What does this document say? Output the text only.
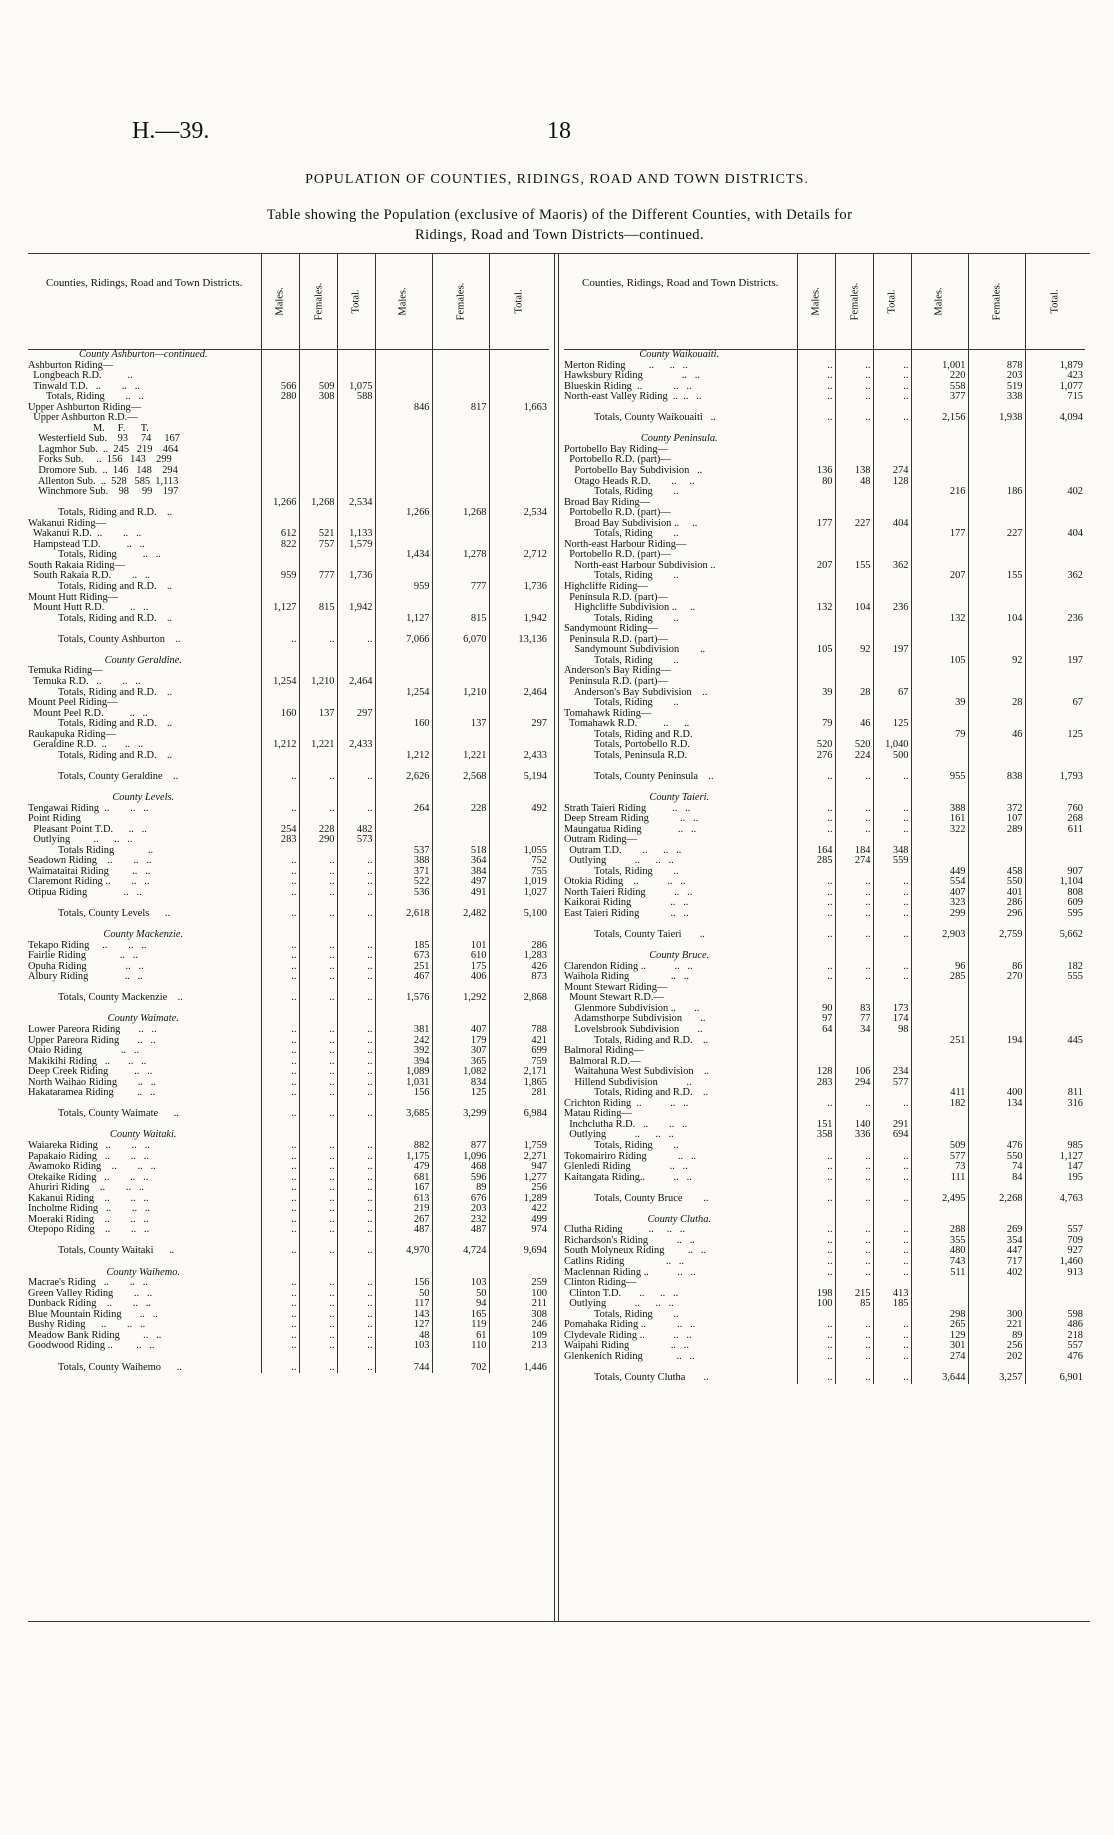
H.—39.	18
POPULATION OF COUNTIES, RIDINGS, ROAD AND TOWN DISTRICTS.
Table showing the Population (exclusive of Maoris) of the Different Counties, with Details for
Ridings, Road and Town Districts—continued.
Counties, Ridings, Road and Town Districts.	Males.	Females.	Total.	Males.	Females.	Total.
County Ashburton—continued.						
Ashburton Riding—						
Longbeach R.D.          ..						
Tinwald T.D.   ..        ..   ..	566	509	1,075			
Totals, Riding        ..   ..	280	308	588			
Upper Ashburton Riding—				846	817	1,663
Upper Ashburton R.D.—						
M.     F.      T.						
Westerfield Sub.    93     74     167						
Lagmhor Sub.  ..  245   219    464						
Forks Sub.     ..  156   143    299						
Dromore Sub.  ..  146   148    294						
Allenton Sub.  ..  528   585  1,113						
Winchmore Sub.    98     99    197						
	1,266	1,268	2,534			
Totals, Riding and R.D.    ..				1,266	1,268	2,534
Wakanui Riding—						
Wakanui R.D.  ..        ..   ..	612	521	1,133			
Hampstead T.D.          ..   ..	822	757	1,579			
Totals, Riding          ..   ..				1,434	1,278	2,712
South Rakaia Riding—						
South Rakaia R.D.        ..   ..	959	777	1,736			
Totals, Riding and R.D.    ..				959	777	1,736
Mount Hutt Riding—						
Mount Hutt R.D.          ..   ..	1,127	815	1,942			
Totals, Riding and R.D.    ..				1,127	815	1,942

Totals, County Ashburton    ..	..	..	..	7,066	6,070	13,136

County Geraldine.						
Temuka Riding—						
Temuka R.D.   ..        ..   ..	1,254	1,210	2,464			
Totals, Riding and R.D.    ..				1,254	1,210	2,464
Mount Peel Riding—						
Mount Peel R.D.          ..   ..	160	137	297			
Totals, Riding and R.D.    ..				160	137	297
Raukapuka Riding—						
Geraldine R.D.  ..       ..   ..	1,212	1,221	2,433			
Totals, Riding and R.D.    ..				1,212	1,221	2,433

Totals, County Geraldine    ..	..	..	..	2,626	2,568	5,194

County Levels.						
Tengawai Riding  ..        ..   ..	..	..	..	264	228	492
Point Riding						
Pleasant Point T.D.      ..   ..	254	228	482			
Outlying         ..      ..   ..	283	290	573			
Totals Riding             ..				537	518	1,055
Seadown Riding    ..        ..   ..	..	..	..	388	364	752
Waimataitai Riding         ..   ..	..	..	..	371	384	755
Claremont Riding ..        ..   ..	..	..	..	522	497	1,019
Otipua Riding              ..   ..	..	..	..	536	491	1,027

Totals, County Levels      ..	..	..	..	2,618	2,482	5,100

County Mackenzie.						
Tekapo Riding     ..        ..   ..	..	..	..	185	101	286
Fairlie Riding             ..   ..	..	..	..	673	610	1,283
Opuha Riding               ..   ..	..	..	..	251	175	426
Albury Riding              ..   ..	..	..	..	467	406	873

Totals, County Mackenzie    ..	..	..	..	1,576	1,292	2,868

County Waimate.						
Lower Pareora Riding       ..   ..	..	..	..	381	407	788
Upper Pareora Riding       ..   ..	..	..	..	242	179	421
Otaio Riding               ..   ..	..	..	..	392	307	699
Makikihi Riding   ..       ..   ..	..	..	..	394	365	759
Deep Creek Riding          ..   ..	..	..	..	1,089	1,082	2,171
North Waihao Riding        ..   ..	..	..	..	1,031	834	1,865
Hakataramea Riding         ..   ..	..	..	..	156	125	281

Totals, County Waimate      ..	..	..	..	3,685	3,299	6,984

County Waitaki.						
Waiareka Riding   ..        ..   ..	..	..	..	882	877	1,759
Papakaio Riding   ..        ..   ..	..	..	..	1,175	1,096	2,271
Awamoko Riding    ..        ..   ..	..	..	..	479	468	947
Otekaike Riding   ..        ..   ..	..	..	..	681	596	1,277
Ahuriri Riding    ..        ..   ..	..	..	..	167	89	256
Kakanui Riding    ..        ..   ..	..	..	..	613	676	1,289
Incholme Riding   ..        ..   ..	..	..	..	219	203	422
Moeraki Riding    ..        ..   ..	..	..	..	267	232	499
Otepopo Riding    ..        ..   ..	..	..	..	487	487	974

Totals, County Waitaki      ..	..	..	..	4,970	4,724	9,694

County Waihemo.						
Macrae's Riding   ..        ..   ..	..	..	..	156	103	259
Green Valley Riding        ..   ..	..	..	..	50	50	100
Dunback Riding    ..        ..   ..	..	..	..	117	94	211
Blue Mountain Riding       ..   ..	..	..	..	143	165	308
Bushy Riding      ..        ..   ..	..	..	..	127	119	246
Meadow Bank Riding         ..   ..	..	..	..	48	61	109
Goodwood Riding ..         ..   ..	..	..	..	103	110	213

Totals, County Waihemo      ..	..	..	..	744	702	1,446
Counties, Ridings, Road and Town Districts.	Males.	Females.	Total.	Males.	Females.	Total.
County Waikouaiti.						
Merton Riding         ..      ..   ..	..	..	..	1,001	878	1,879
Hawksbury Riding               ..   ..	..	..	..	220	203	423
Blueskin Riding  ..            ..   ..	..	..	..	558	519	1,077
North-east Valley Riding  ..  ..   ..	..	..	..	377	338	715

Totals, County Waikouaiti   ..	..	..	..	2,156	1,938	4,094

County Peninsula.						
Portobello Bay Riding—						
Portobello R.D. (part)—						
Portobello Bay Subdivision   ..	136	138	274			
Otago Heads R.D.        ..     ..	80	48	128			
Totals, Riding        ..				216	186	402
Broad Bay Riding—						
Portobello R.D. (part)—						
Broad Bay Subdivision ..     ..	177	227	404			
Totals, Riding        ..				177	227	404
North-east Harbour Riding—						
Portobello R.D. (part)—						
North-east Harbour Subdivision ..	207	155	362			
Totals, Riding        ..				207	155	362
Highcliffe Riding—						
Peninsula R.D. (part)—						
Highcliffe Subdivision ..     ..	132	104	236			
Totals, Riding        ..				132	104	236
Sandymount Riding—						
Peninsula R.D. (part)—						
Sandymount Subdivision        ..	105	92	197			
Totals, Riding        ..				105	92	197
Anderson's Bay Riding—						
Peninsula R.D. (part)—						
Anderson's Bay Subdivision    ..	39	28	67			
Totals, Riding        ..				39	28	67
Tomahawk Riding—						
Tomahawk R.D.          ..      ..	79	46	125			
Totals, Riding and R.D.				79	46	125
Totals, Portobello R.D.	520	520	1,040			
Totals, Peninsula R.D.	276	224	500			

Totals, County Peninsula    ..	..	..	..	955	838	1,793

County Taieri.						
Strath Taieri Riding          ..   ..	..	..	..	388	372	760
Deep Stream Riding            ..   ..	..	..	..	161	107	268
Maungatua Riding              ..   ..	..	..	..	322	289	611
Outram Riding—						
Outram T.D.        ..      ..   ..	164	184	348			
Outlying           ..      ..   ..	285	274	559			
Totals, Riding        ..				449	458	907
Otokia Riding    ..           ..   ..	..	..	..	554	550	1,104
North Taieri Riding           ..   ..	..	..	..	407	401	808
Kaikorai Riding               ..   ..	..	..	..	323	286	609
East Taieri Riding            ..   ..	..	..	..	299	296	595

Totals, County Taieri       ..	..	..	..	2,903	2,759	5,662

County Bruce.						
Clarendon Riding ..           ..   ..	..	..	..	96	86	182
Waihola Riding                ..   ..	..	..	..	285	270	555
Mount Stewart Riding—						
Mount Stewart R.D.—						
Glenmore Subdivision ..       ..	90	83	173			
Adamsthorpe Subdivision       ..	97	77	174			
Lovelsbrook Subdivision       ..	64	34	98			
Totals, Riding and R.D.    ..				251	194	445
Balmoral Riding—						
Balmoral R.D.—						
Waitahuna West Subdivision    ..	128	106	234			
Hillend Subdivision           ..	283	294	577			
Totals, Riding and R.D.    ..				411	400	811
Crichton Riding  ..           ..   ..	..	..	..	182	134	316
Matau Riding—						
Inchclutha R.D.   ..        ..   ..	151	140	291			
Outlying           ..      ..   ..	358	336	694			
Totals, Riding        ..				509	476	985
Tokomairiro Riding            ..   ..	..	..	..	577	550	1,127
Glenledi Riding               ..   ..	..	..	..	73	74	147
Kaitangata Riding..           ..   ..	..	..	..	111	84	195

Totals, County Bruce        ..	..	..	..	2,495	2,268	4,763

County Clutha.						
Clutha Riding          ..     ..   ..	..	..	..	288	269	557
Richardson's Riding           ..   ..	..	..	..	355	354	709
South Molyneux Riding         ..   ..	..	..	..	480	447	927
Catlins Riding                ..   ..	..	..	..	743	717	1,460
Maclennan Riding ..           ..   ..	..	..	..	511	402	913
Clinton Riding—						
Clinton T.D.       ..      ..   ..	198	215	413			
Outlying           ..      ..   ..	100	85	185			
Totals, Riding        ..				298	300	598
Pomahaka Riding ..            ..   ..	..	..	..	265	221	486
Clydevale Riding ..           ..   ..	..	..	..	129	89	218
Waipahi Riding                ..   ..	..	..	..	301	256	557
Glenkenich Riding             ..   ..	..	..	..	274	202	476

Totals, County Clutha       ..	..	..	..	3,644	3,257	6,901
